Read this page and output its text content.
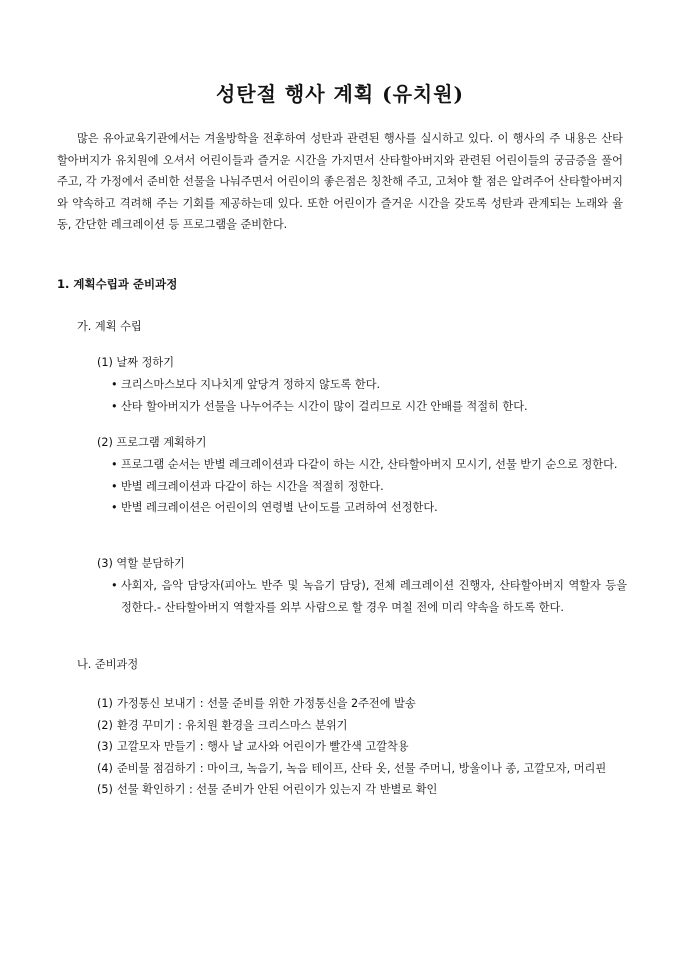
성탄절 행사 계획 (유치원)

많은 유아교육기관에서는 겨울방학을 전후하여 성탄과 관련된 행사를 실시하고 있다. 이 행사의 주 내용은 산타할아버지가 유치원에 오셔서 어린이들과 즐거운 시간을 가지면서 산타할아버지와 관련된 어린이들의 궁금증을 풀어주고, 각 가정에서 준비한 선물을 나눠주면서 어린이의 좋은점은 칭찬해 주고, 고쳐야 할 점은 알려주어 산타할아버지와 약속하고 격려해 주는 기회를 제공하는데 있다. 또한 어린이가 즐거운 시간을 갖도록 성탄과 관계되는 노래와 율동, 간단한 레크레이션 등 프로그램을 준비한다.

1. 계획수립과 준비과정
가. 계획 수립
(1) 날짜 정하기
• 크리스마스보다 지나치게 앞당겨 정하지 않도록 한다.
• 산타 할아버지가 선물을 나누어주는 시간이 많이 걸리므로 시간 안배를 적절히 한다.
(2) 프로그램 계획하기
• 프로그램 순서는 반별 레크레이션과 다같이 하는 시간, 산타할아버지 모시기, 선물 받기 순으로 정한다.
• 반별 레크레이션과 다같이 하는 시간을 적절히 정한다.
• 반별 레크레이션은 어린이의 연령별 난이도를 고려하여 선정한다.
(3) 역할 분담하기
• 사회자, 음악 담당자(피아노 반주 및 녹음기 담당), 전체 레크레이션 진행자, 산타할아버지 역할자 등을 정한다.- 산타할아버지 역할자를 외부 사람으로 할 경우 며칠 전에 미리 약속을 하도록 한다.
나. 준비과정
(1) 가정통신 보내기 : 선물 준비를 위한 가정통신을 2주전에 발송
(2) 환경 꾸미기 : 유치원 환경을 크리스마스 분위기
(3) 고깔모자 만들기 : 행사 날 교사와 어린이가 빨간색 고깔착용
(4) 준비물 점검하기 : 마이크, 녹음기, 녹음 테이프, 산타 옷, 선물 주머니, 방울이나 종, 고깔모자, 머리핀
(5) 선물 확인하기 : 선물 준비가 안된 어린이가 있는지 각 반별로 확인
